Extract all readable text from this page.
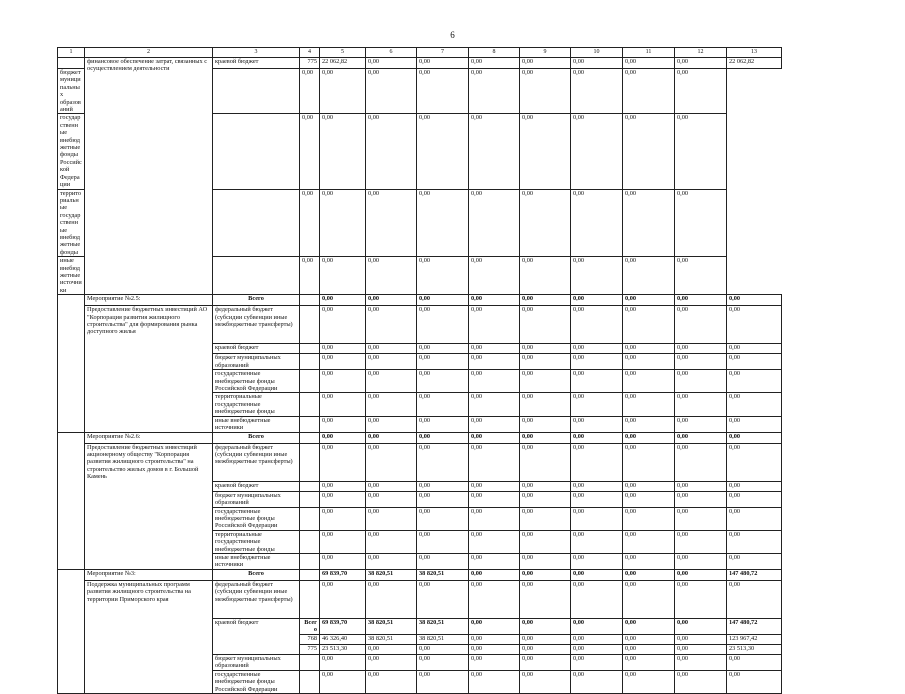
6
1	2	3	4	5	6	7	8	9	10	11	12	13
	финансовое обеспечение затрат, связанных с осуществлением деятельности	краевой бюджет	775	22 062,82	0,00	0,00	0,00	0,00	0,00	0,00	0,00	22 062,82
бюджет муниципальных образований			0,00	0,00	0,00	0,00	0,00	0,00	0,00	0,00	0,00	
государственные внебюджетные фонды Российской Федерации			0,00	0,00	0,00	0,00	0,00	0,00	0,00	0,00	0,00	
территориальные государственные внебюджетные фонды			0,00	0,00	0,00	0,00	0,00	0,00	0,00	0,00	0,00	
иные внебюджетные источники			0,00	0,00	0,00	0,00	0,00	0,00	0,00	0,00	0,00	
	Мероприятие №2.5:	Всего		0,00	0,00	0,00	0,00	0,00	0,00	0,00	0,00	0,00
	Предоставление бюджетных инвестиций АО "Корпорация развития жилищного строительства" для формирования рынка доступного жилья	федеральный бюджет (субсидии субвенции иные межбюджетные трансферты)		0,00	0,00	0,00	0,00	0,00	0,00	0,00	0,00	0,00
		краевой бюджет		0,00	0,00	0,00	0,00	0,00	0,00	0,00	0,00	0,00
		бюджет муниципальных образований		0,00	0,00	0,00	0,00	0,00	0,00	0,00	0,00	0,00
		государственные внебюджетные фонды Российской Федерации		0,00	0,00	0,00	0,00	0,00	0,00	0,00	0,00	0,00
		территориальные государственные внебюджетные фонды		0,00	0,00	0,00	0,00	0,00	0,00	0,00	0,00	0,00
		иные внебюджетные источники		0,00	0,00	0,00	0,00	0,00	0,00	0,00	0,00	0,00
	Мероприятие №2.6:	Всего		0,00	0,00	0,00	0,00	0,00	0,00	0,00	0,00	0,00
	Предоставление бюджетных инвестиций акционерному обществу "Корпорация развития жилищного строительства" на строительство жилых домов в г. Большой Камень	федеральный бюджет (субсидии субвенции иные межбюджетные трансферты)		0,00	0,00	0,00	0,00	0,00	0,00	0,00	0,00	0,00
		краевой бюджет		0,00	0,00	0,00	0,00	0,00	0,00	0,00	0,00	0,00
		бюджет муниципальных образований		0,00	0,00	0,00	0,00	0,00	0,00	0,00	0,00	0,00
		государственные внебюджетные фонды Российской Федерации		0,00	0,00	0,00	0,00	0,00	0,00	0,00	0,00	0,00
		территориальные государственные внебюджетные фонды		0,00	0,00	0,00	0,00	0,00	0,00	0,00	0,00	0,00
		иные внебюджетные источники		0,00	0,00	0,00	0,00	0,00	0,00	0,00	0,00	0,00
	Мероприятие №3:	Всего		69 839,70	38 820,51	38 820,51	0,00	0,00	0,00	0,00	0,00	147 480,72
	Поддержка муниципальных программ развития жилищного строительства на территории Приморского края	федеральный бюджет (субсидии субвенции иные межбюджетные трансферты)		0,00	0,00	0,00	0,00	0,00	0,00	0,00	0,00	0,00
		краевой бюджет	Всего	69 839,70	38 820,51	38 820,51	0,00	0,00	0,00	0,00	0,00	147 480,72
			768	46 326,40	38 820,51	38 820,51	0,00	0,00	0,00	0,00	0,00	123 967,42
			775	23 513,30	0,00	0,00	0,00	0,00	0,00	0,00	0,00	23 513,30
		бюджет муниципальных образований		0,00	0,00	0,00	0,00	0,00	0,00	0,00	0,00	0,00
		государственные внебюджетные фонды Российской Федерации		0,00	0,00	0,00	0,00	0,00	0,00	0,00	0,00	0,00
